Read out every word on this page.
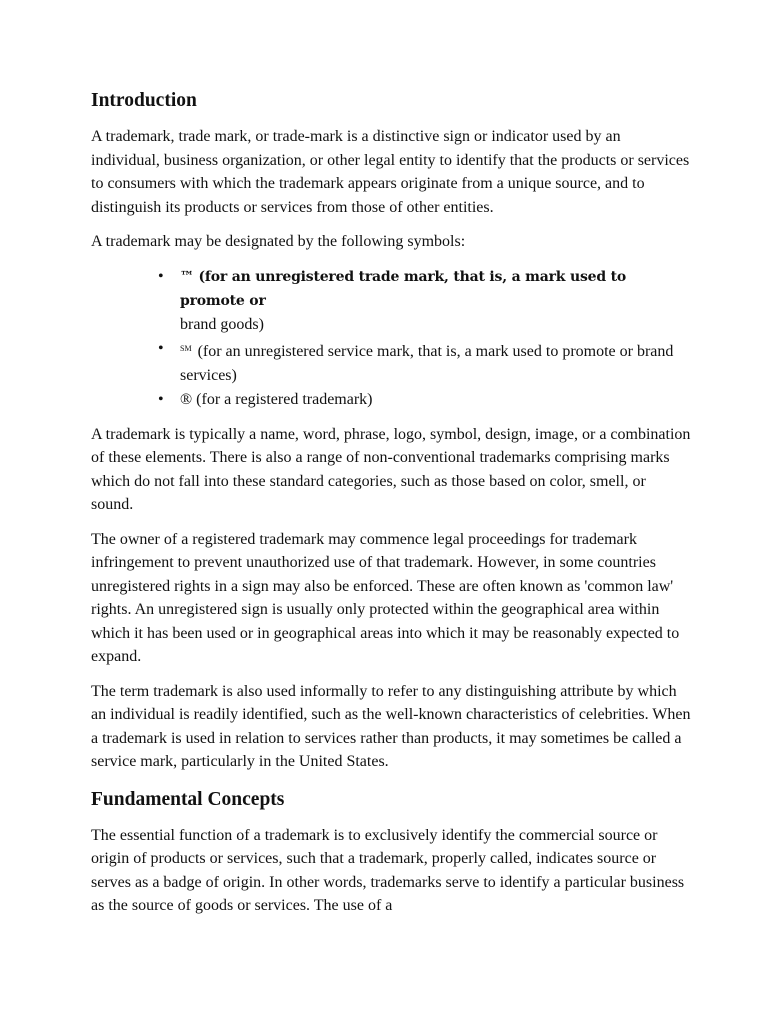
Introduction

A trademark, trade mark, or trade-mark is a distinctive sign or indicator used by an individual, business organization, or other legal entity to identify that the products or services to consumers with which the trademark appears originate from a unique source, and to distinguish its products or services from those of other entities.

A trademark may be designated by the following symbols:

• ™ (for an unregistered trade mark, that is, a mark used to promote or
brand goods)
• ℠ (for an unregistered service mark, that is, a mark used to promote or brand services)
• ® (for a registered trademark)

A trademark is typically a name, word, phrase, logo, symbol, design, image, or a combination of these elements. There is also a range of non-conventional trademarks comprising marks which do not fall into these standard categories, such as those based on color, smell, or sound.

The owner of a registered trademark may commence legal proceedings for trademark infringement to prevent unauthorized use of that trademark. However, in some countries unregistered rights in a sign may also be enforced. These are often known as 'common law' rights. An unregistered sign is usually only protected within the geographical area within which it has been used or in geographical areas into which it may be reasonably expected to expand.

The term trademark is also used informally to refer to any distinguishing attribute by which an individual is readily identified, such as the well-known characteristics of celebrities. When a trademark is used in relation to services rather than products, it may sometimes be called a service mark, particularly in the United States.

Fundamental Concepts

The essential function of a trademark is to exclusively identify the commercial source or origin of products or services, such that a trademark, properly called, indicates source or serves as a badge of origin. In other words, trademarks serve to identify a particular business as the source of goods or services. The use of a
